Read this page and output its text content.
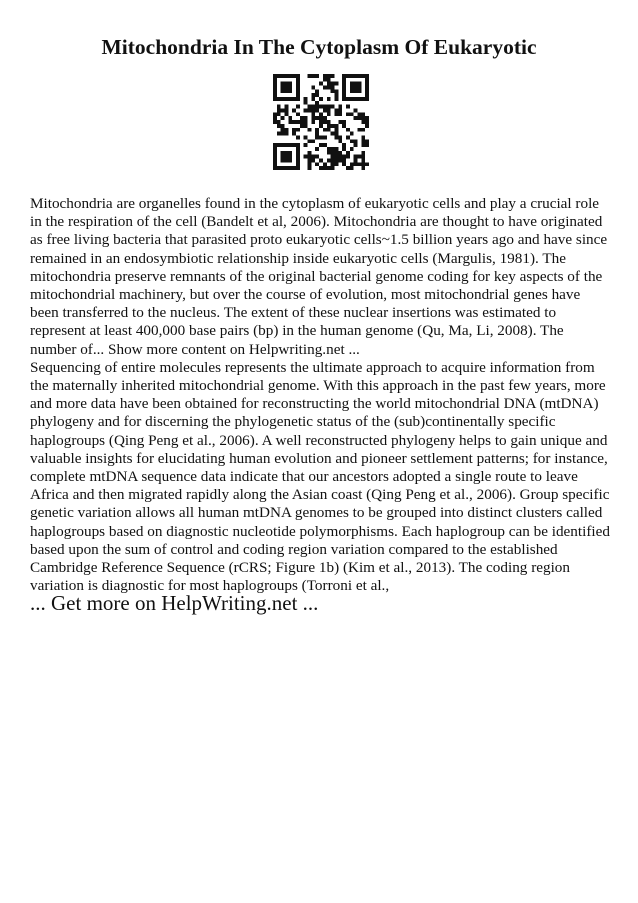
Mitochondria In The Cytoplasm Of Eukaryotic

Mitochondria are organelles found in the cytoplasm of eukaryotic cells and play a crucial role in the respiration of the cell (Bandelt et al, 2006). Mitochondria are thought to have originated as free living bacteria that parasited proto eukaryotic cells~1.5 billion years ago and have since remained in an endosymbiotic relationship inside eukaryotic cells (Margulis, 1981). The mitochondria preserve remnants of the original bacterial genome coding for key aspects of the mitochondrial machinery, but over the course of evolution, most mitochondrial genes have been transferred to the nucleus. The extent of these nuclear insertions was estimated to represent at least 400,000 base pairs (bp) in the human genome (Qu, Ma, Li, 2008). The number of... Show more content on Helpwriting.net ...

Sequencing of entire molecules represents the ultimate approach to acquire information from the maternally inherited mitochondrial genome. With this approach in the past few years, more and more data have been obtained for reconstructing the world mitochondrial DNA (mtDNA) phylogeny and for discerning the phylogenetic status of the (sub)continentally specific haplogroups (Qing Peng et al., 2006). A well reconstructed phylogeny helps to gain unique and valuable insights for elucidating human evolution and pioneer settlement patterns; for instance, complete mtDNA sequence data indicate that our ancestors adopted a single route to leave Africa and then migrated rapidly along the Asian coast (Qing Peng et al., 2006). Group specific genetic variation allows all human mtDNA genomes to be grouped into distinct clusters called haplogroups based on diagnostic nucleotide polymorphisms. Each haplogroup can be identified based upon the sum of control and coding region variation compared to the established Cambridge Reference Sequence (rCRS; Figure 1b) (Kim et al., 2013). The coding region variation is diagnostic for most haplogroups (Torroni et al.,

... Get more on HelpWriting.net ...
